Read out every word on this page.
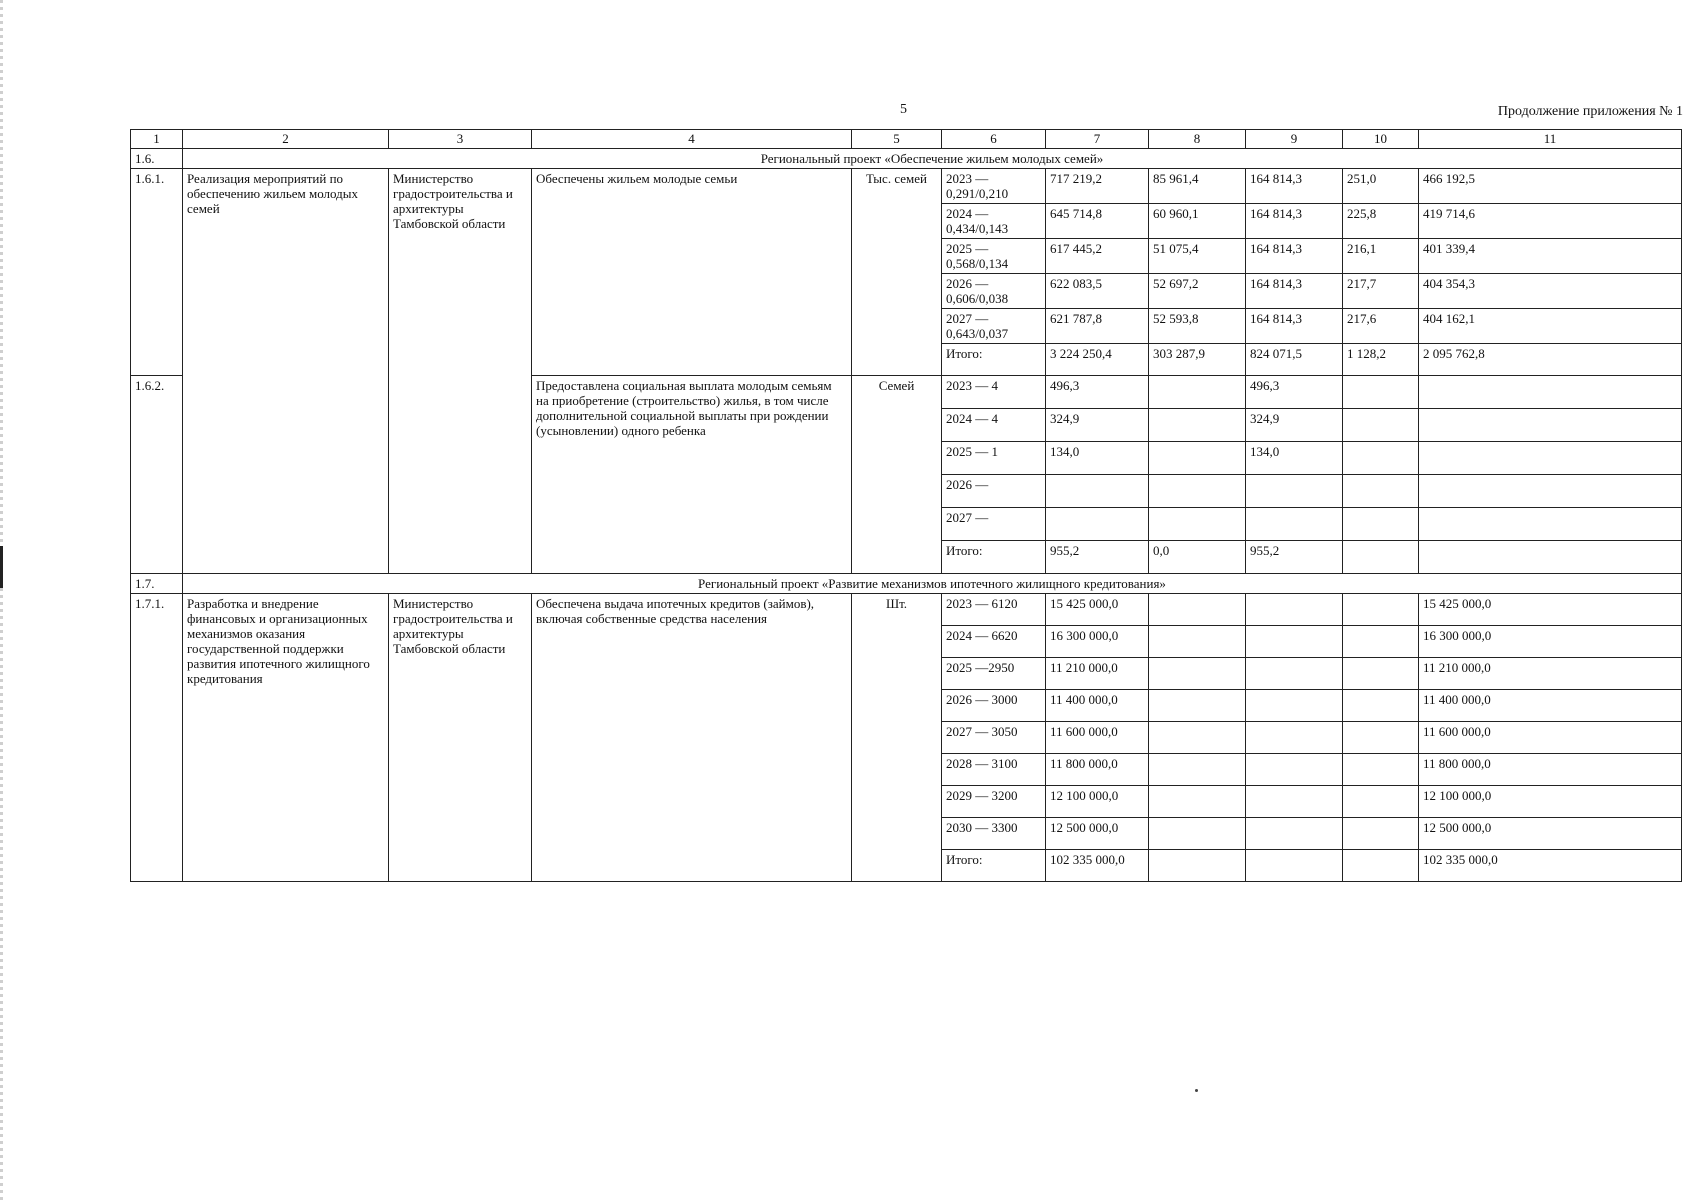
5	Продолжение приложения № 1
1	2	3	4	5	6	7	8	9	10	11
1.6.	Региональный проект «Обеспечение жильем молодых семей»									
1.6.1.	Реализация мероприятий по обеспечению жильем молодых семей	Министерство градостроительства и архитектуры Тамбовской области	Обеспечены жильем молодые семьи	Тыс. семей	2023 — 0,291/0,210	717 219,2	85 961,4	164 814,3	251,0	466 192,5
					2024 — 0,434/0,143	645 714,8	60 960,1	164 814,3	225,8	419 714,6
					2025 — 0,568/0,134	617 445,2	51 075,4	164 814,3	216,1	401 339,4
					2026 — 0,606/0,038	622 083,5	52 697,2	164 814,3	217,7	404 354,3
					2027 — 0,643/0,037	621 787,8	52 593,8	164 814,3	217,6	404 162,1
					Итого:	3 224 250,4	303 287,9	824 071,5	1 128,2	2 095 762,8
1.6.2.			Предоставлена социальная выплата молодым семьям на приобретение (строительство) жилья, в том числе дополнительной социальной выплаты при рождении (усыновлении) одного ребенка	Семей	2023 — 4	496,3		496,3		
					2024 — 4	324,9		324,9		
					2025 — 1	134,0		134,0		
					2026 —					
					2027 —					
					Итого:	955,2	0,0	955,2		
1.7.	Региональный проект «Развитие механизмов ипотечного жилищного кредитования»									
1.7.1.	Разработка и внедрение финансовых и организационных механизмов оказания государственной поддержки развития ипотечного жилищного кредитования	Министерство градостроительства и архитектуры Тамбовской области	Обеспечена выдача ипотечных кредитов (займов), включая собственные средства населения	Шт.	2023 — 6120	15 425 000,0				15 425 000,0
					2024 — 6620	16 300 000,0				16 300 000,0
					2025 —2950	11 210 000,0				11 210 000,0
					2026 — 3000	11 400 000,0				11 400 000,0
					2027 — 3050	11 600 000,0				11 600 000,0
					2028 — 3100	11 800 000,0				11 800 000,0
					2029 — 3200	12 100 000,0				12 100 000,0
					2030 — 3300	12 500 000,0				12 500 000,0
					Итого:	102 335 000,0				102 335 000,0
